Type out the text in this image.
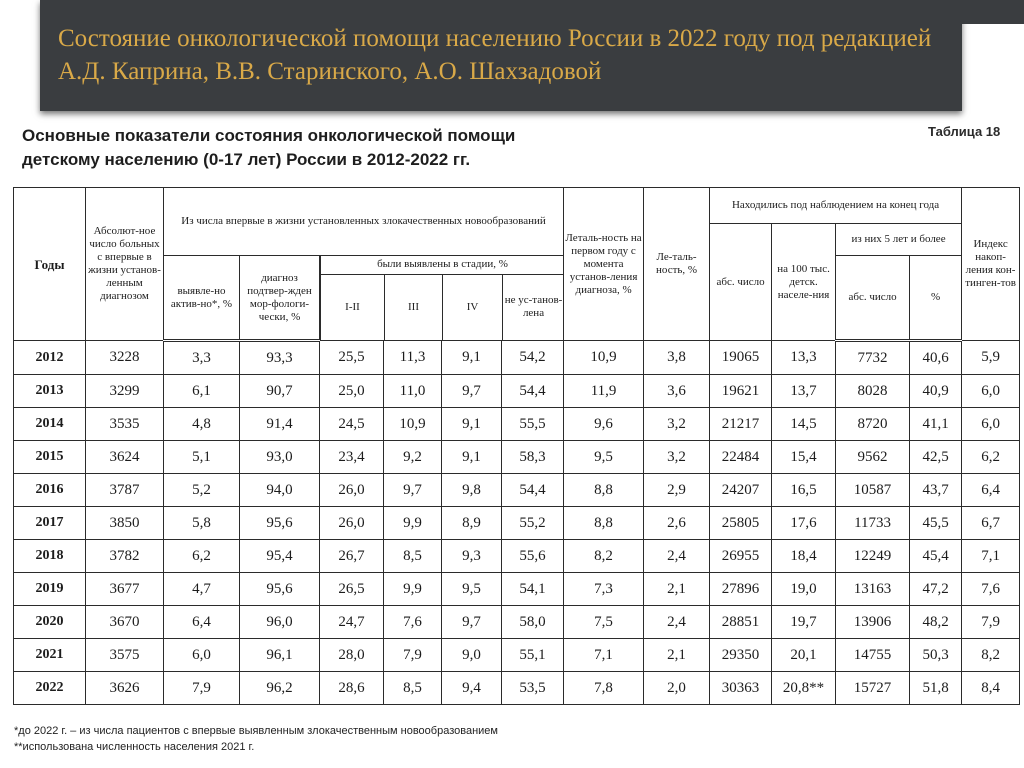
Состояние онкологической помощи населению России в 2022 году под редакцией А.Д. Каприна, В.В. Старинского, А.О. Шахзадовой
Основные показатели состояния онкологической помощи
детскому населению (0-17 лет) России в 2012-2022 гг.
Таблица 18
Годы	Абсолют-ное число больных с впервые в жизни установ-ленным диагнозом	Из числа впервые в жизни установленных злокачественных новообразований	Леталь-ность на первом году с момента установ-ления диагноза, %	Ле-таль-ность, %	Находились под наблюдением на конец года	Индекс накоп-ления кон-тинген-тов
абс. число	на 100 тыс. детск. населе-ния	из них 5 лет и более
выявле-но актив-но*, %	диагноз подтвер-жден мор-фологи-чески, %	
были выявлены в стадии, %
I-II	III	IV	не ус-танов-лена
	абс. число	%
2012	3228	3,3	93,3	25,5	11,3	9,1	54,2	10,9	3,8	19065	13,3	7732	40,6	5,9
2013	3299	6,1	90,7	25,0	11,0	9,7	54,4	11,9	3,6	19621	13,7	8028	40,9	6,0
2014	3535	4,8	91,4	24,5	10,9	9,1	55,5	9,6	3,2	21217	14,5	8720	41,1	6,0
2015	3624	5,1	93,0	23,4	9,2	9,1	58,3	9,5	3,2	22484	15,4	9562	42,5	6,2
2016	3787	5,2	94,0	26,0	9,7	9,8	54,4	8,8	2,9	24207	16,5	10587	43,7	6,4
2017	3850	5,8	95,6	26,0	9,9	8,9	55,2	8,8	2,6	25805	17,6	11733	45,5	6,7
2018	3782	6,2	95,4	26,7	8,5	9,3	55,6	8,2	2,4	26955	18,4	12249	45,4	7,1
2019	3677	4,7	95,6	26,5	9,9	9,5	54,1	7,3	2,1	27896	19,0	13163	47,2	7,6
2020	3670	6,4	96,0	24,7	7,6	9,7	58,0	7,5	2,4	28851	19,7	13906	48,2	7,9
2021	3575	6,0	96,1	28,0	7,9	9,0	55,1	7,1	2,1	29350	20,1	14755	50,3	8,2
2022	3626	7,9	96,2	28,6	8,5	9,4	53,5	7,8	2,0	30363	20,8**	15727	51,8	8,4
*до 2022 г. – из числа пациентов с впервые выявленным злокачественным новообразованием
**использована численность населения 2021 г.
